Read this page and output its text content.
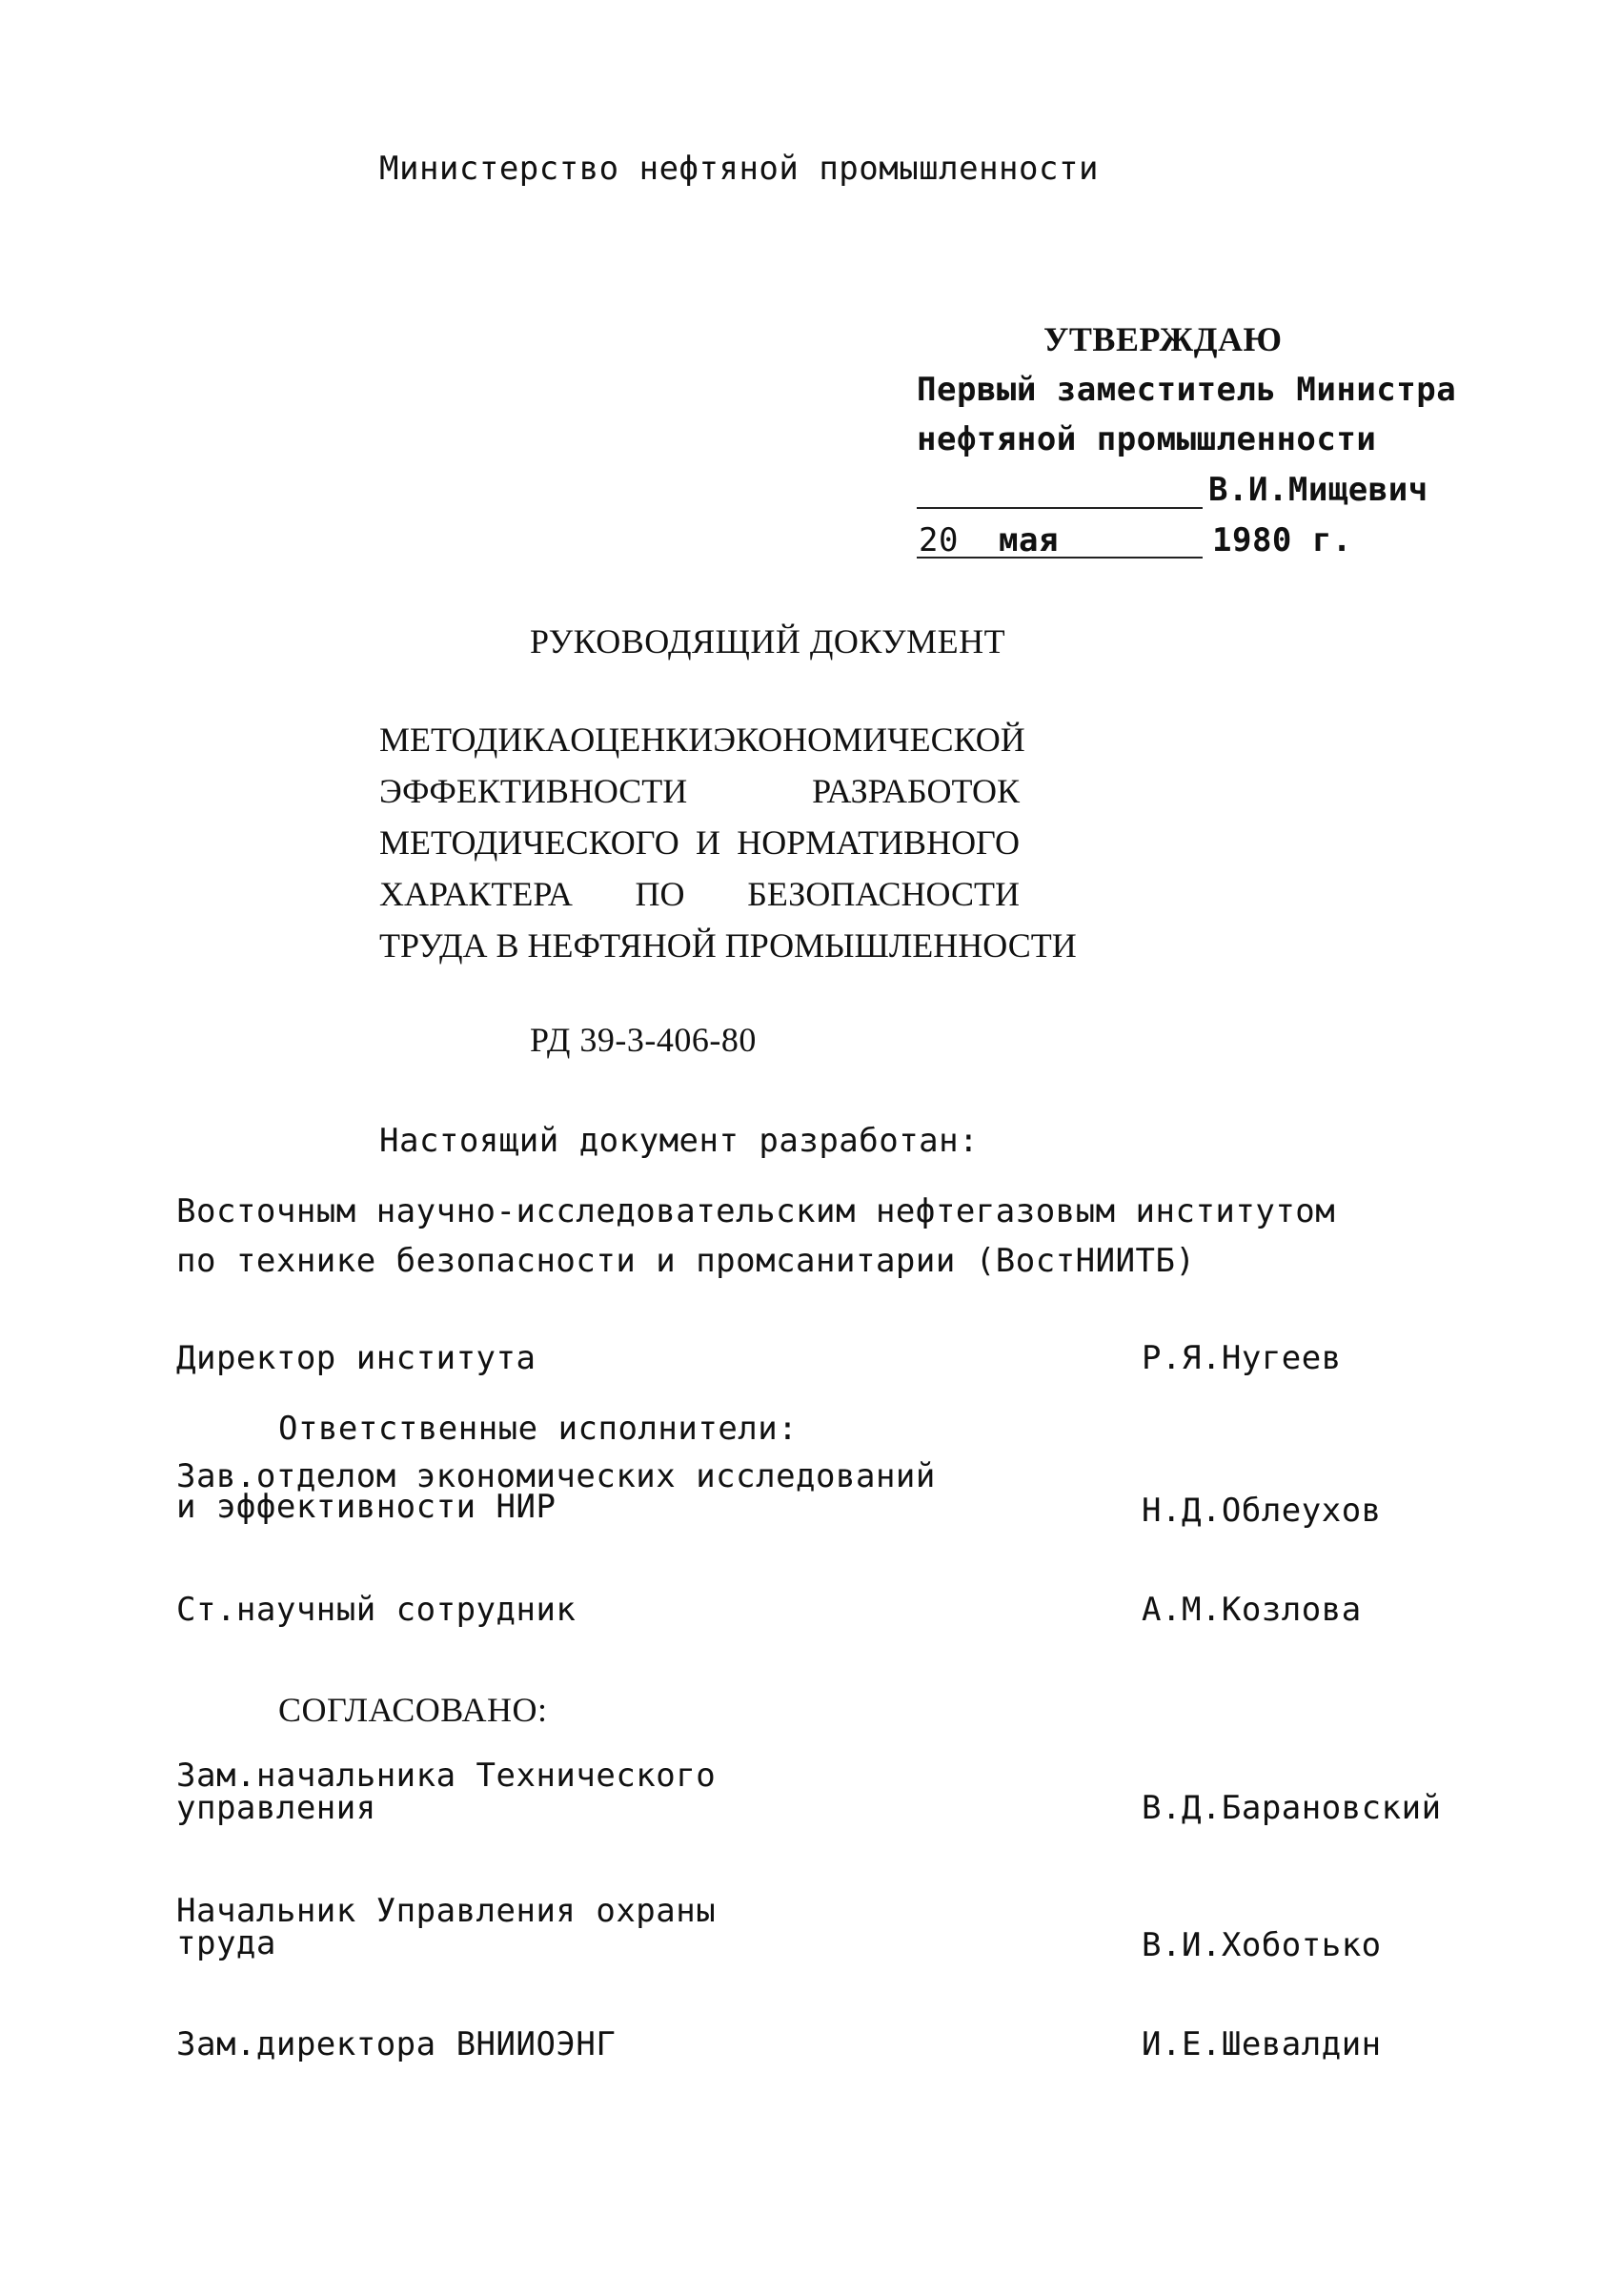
Министерство нефтяной промышленности
УТВЕРЖДАЮ
Первый заместитель Министра
нефтяной промышленности
В.И.Мищевич
20 мая	1980 г.
РУКОВОДЯЩИЙ ДОКУМЕНТ
МЕТОДИКА ОЦЕНКИ ЭКОНОМИЧЕСКОЙ
ЭФФЕКТИВНОСТИ	РАЗРАБОТОК
МЕТОДИЧЕСКОГО И НОРМАТИВНОГО
ХАРАКТЕРА ПО БЕЗОПАСНОСТИ
ТРУДА В НЕФТЯНОЙ ПРОМЫШЛЕННОСТИ
РД 39-3-406-80
Настоящий документ разработан:
Восточным научно-исследовательским нефтегазовым институтом
по технике безопасности и промсанитарии (ВостНИИТБ)
Директор института	Р.Я.Нугеев
Ответственные исполнители:
Зав.отделом экономических исследований
и эффективности НИР	Н.Д.Облеухов
Ст.научный сотрудник	А.М.Козлова
СОГЛАСОВАНО:
Зам.начальника Технического
управления	В.Д.Барановский
Начальник Управления охраны
труда	В.И.Хоботько
Зам.директора ВНИИОЭНГ	И.Е.Шевалдин
